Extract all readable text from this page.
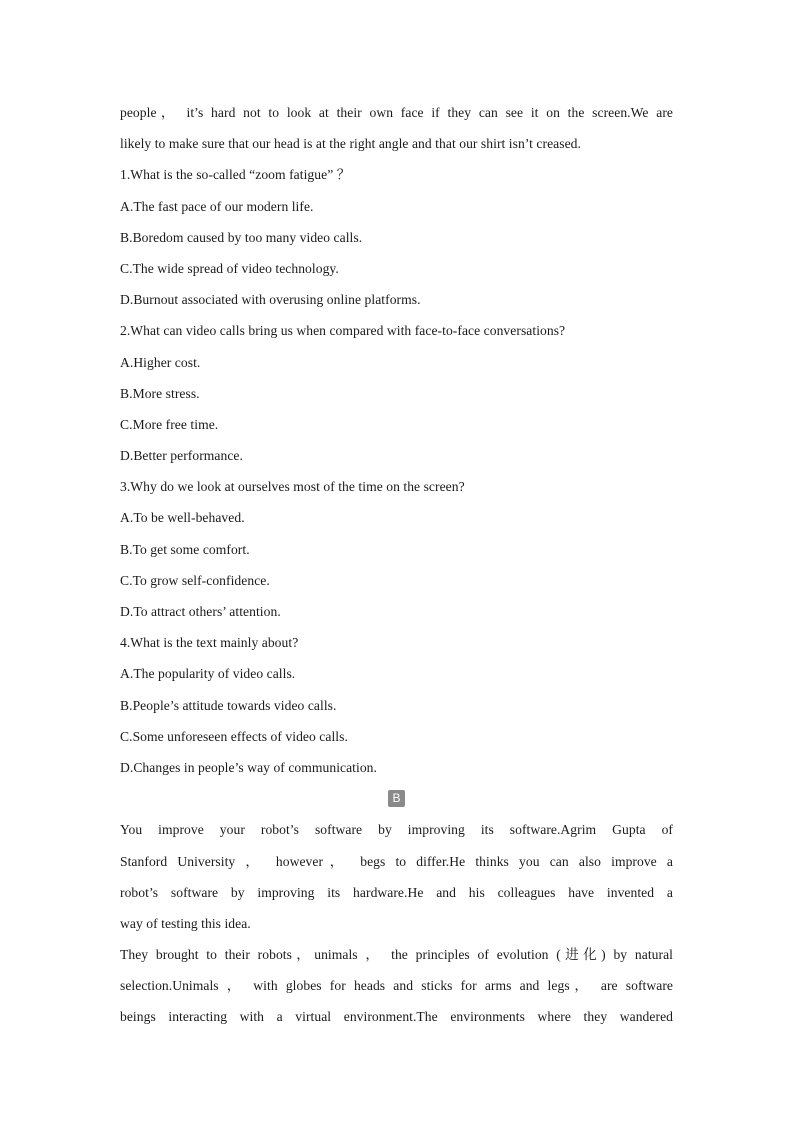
people， it’s hard not to look at their own face if they can see it on the screen.We are
likely to make sure that our head is at the right angle and that our shirt isn’t creased.
1.What is the so-called “zoom fatigue” ？
A.The fast pace of our modern life.
B.Boredom caused by too many video calls.
C.The wide spread of video technology.
D.Burnout associated with overusing online platforms.
2.What can video calls bring us when compared with face-to-face conversations?
A.Higher cost.
B.More stress.
C.More free time.
D.Better performance.
3.Why do we look at ourselves most of the time on the screen?
A.To be well-behaved.
B.To get some comfort.
C.To grow self-confidence.
D.To attract others’ attention.
4.What is the text mainly about?
A.The popularity of video calls.
B.People’s attitude towards video calls.
C.Some unforeseen effects of video calls.
D.Changes in people’s way of communication.
B
You improve your robot’s software by improving its software.Agrim Gupta of
Stanford University ， however， begs to differ.He thinks you can also improve a
robot’s software by improving its hardware.He and his colleagues have invented a
way of testing this idea.
They brought to their robots，unimals ， the principles of evolution (进化) by natural
selection.Unimals ， with globes for heads and sticks for arms and legs， are software
beings interacting with a virtual environment.The environments where they wandered
